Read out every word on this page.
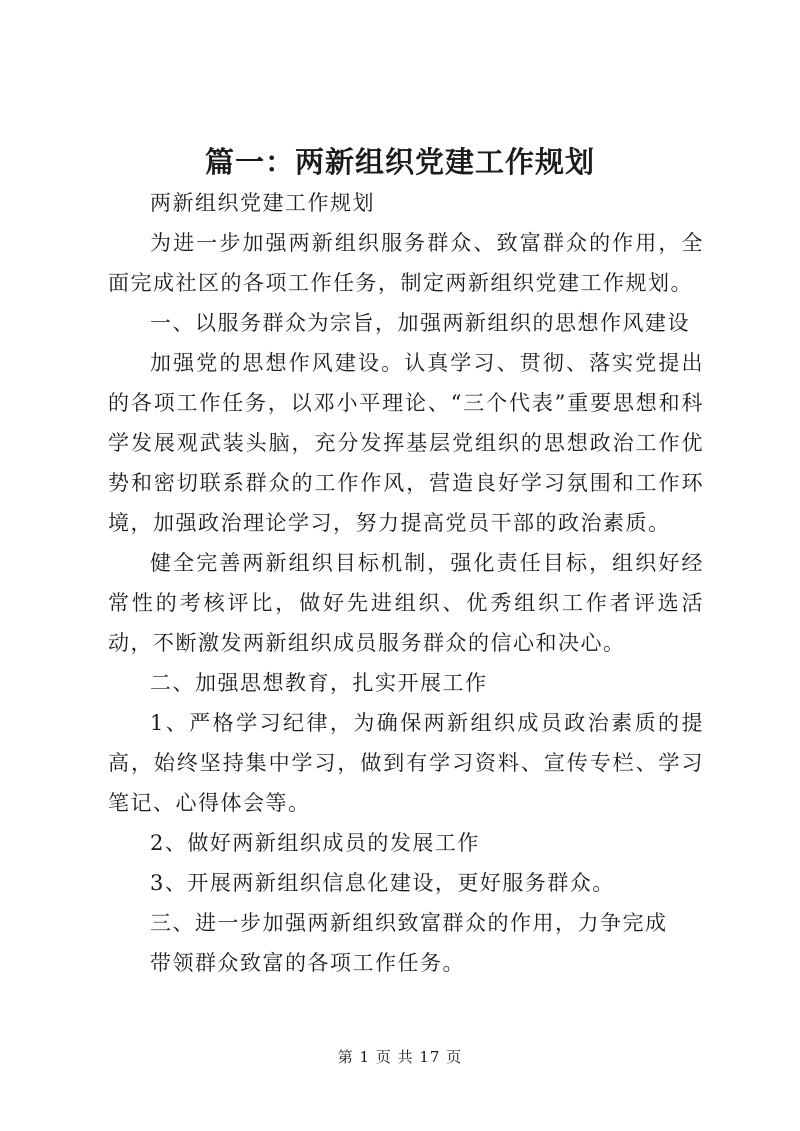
篇一：两新组织党建工作规划

两新组织党建工作规划

为进一步加强两新组织服务群众、致富群众的作用，全面完成社区的各项工作任务，制定两新组织党建工作规划。

一、以服务群众为宗旨，加强两新组织的思想作风建设

加强党的思想作风建设。认真学习、贯彻、落实党提出的各项工作任务，以邓小平理论、“三个代表”重要思想和科学发展观武装头脑，充分发挥基层党组织的思想政治工作优势和密切联系群众的工作作风，营造良好学习氛围和工作环境，加强政治理论学习，努力提高党员干部的政治素质。

健全完善两新组织目标机制，强化责任目标，组织好经常性的考核评比，做好先进组织、优秀组织工作者评选活动，不断激发两新组织成员服务群众的信心和决心。

二、加强思想教育，扎实开展工作

1、严格学习纪律，为确保两新组织成员政治素质的提高，始终坚持集中学习，做到有学习资料、宣传专栏、学习笔记、心得体会等。

2、做好两新组织成员的发展工作

3、开展两新组织信息化建设，更好服务群众。

三、进一步加强两新组织致富群众的作用，力争完成

带领群众致富的各项工作任务。

第 1 页 共 17 页
